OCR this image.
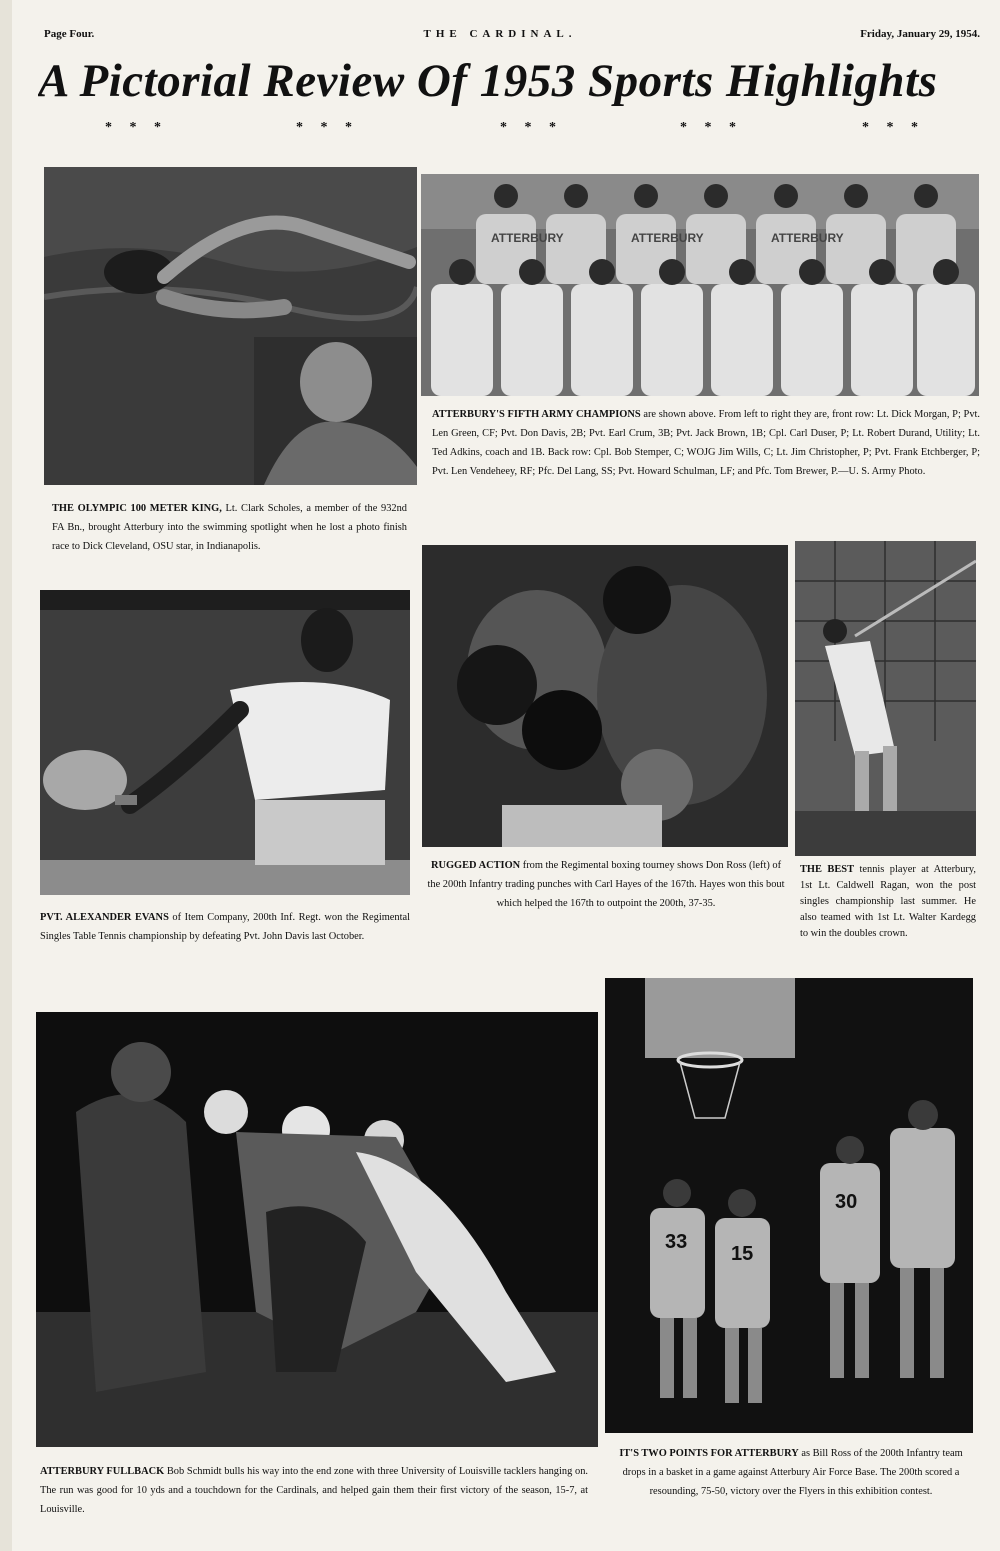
Page Four.	THE CARDINAL.	Friday, January 29, 1954.
A Pictorial Review Of 1953 Sports Highlights
* * *	* * *	* * *	* * *	* * *
THE OLYMPIC 100 METER KING, Lt. Clark Scholes, a member of the 932nd FA Bn., brought Atterbury into the swimming spotlight when he lost a photo finish race to Dick Cleveland, OSU star, in Indianapolis.
ATTERBURY	ATTERBURY	ATTERBURY
ATTERBURY'S FIFTH ARMY CHAMPIONS are shown above. From left to right they are, front row: Lt. Dick Morgan, P; Pvt. Len Green, CF; Pvt. Don Davis, 2B; Pvt. Earl Crum, 3B; Pvt. Jack Brown, 1B; Cpl. Carl Duser, P; Lt. Robert Durand, Utility; Lt. Ted Adkins, coach and 1B. Back row: Cpl. Bob Stemper, C; WOJG Jim Wills, C; Lt. Jim Christopher, P; Pvt. Frank Etchberger, P; Pvt. Len Vendeheey, RF; Pfc. Del Lang, SS; Pvt. Howard Schulman, LF; and Pfc. Tom Brewer, P.—U. S. Army Photo.
PVT. ALEXANDER EVANS of Item Company, 200th Inf. Regt. won the Regimental Singles Table Tennis championship by defeating Pvt. John Davis last October.
RUGGED ACTION from the Regimental boxing tourney shows Don Ross (left) of the 200th Infantry trading punches with Carl Hayes of the 167th. Hayes won this bout which helped the 167th to outpoint the 200th, 37-35.
THE BEST tennis player at Atterbury, 1st Lt. Caldwell Ragan, won the post singles championship last summer. He also teamed with 1st Lt. Walter Kardegg to win the doubles crown.
ATTERBURY FULLBACK Bob Schmidt bulls his way into the end zone with three University of Louisville tacklers hanging on. The run was good for 10 yds and a touchdown for the Cardinals, and helped gain them their first victory of the season, 15-7, at Louisville.
33
15
30
IT'S TWO POINTS FOR ATTERBURY as Bill Ross of the 200th Infantry team drops in a basket in a game against Atterbury Air Force Base. The 200th scored a resounding, 75-50, victory over the Flyers in this exhibition contest.
